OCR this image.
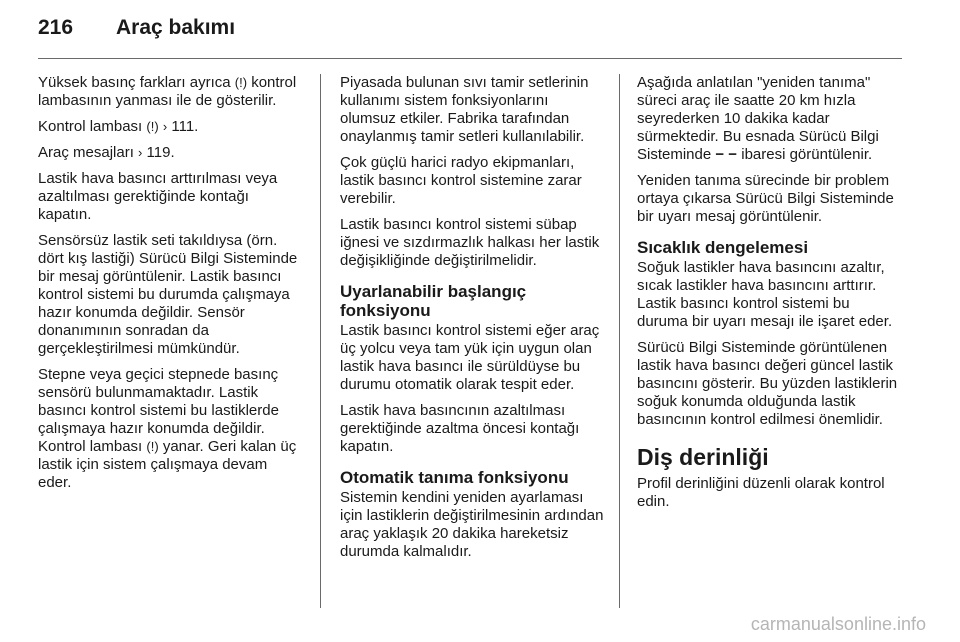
216 Araç bakımı

Yüksek basınç farkları ayrıca (!) kontrol lambasının yanması ile de gösterilir.

Kontrol lambası (!) › 111.

Araç mesajları › 119.

Lastik hava basıncı arttırılması veya azaltılması gerektiğinde kontağı kapatın.

Sensörsüz lastik seti takıldıysa (örn. dört kış lastiği) Sürücü Bilgi Sisteminde bir mesaj görüntülenir. Lastik basıncı kontrol sistemi bu durumda çalışmaya hazır konumda değildir. Sensör donanımının sonradan da gerçekleştirilmesi mümkündür.

Stepne veya geçici stepnede basınç sensörü bulunmamaktadır. Lastik basıncı kontrol sistemi bu lastiklerde çalışmaya hazır konumda değildir. Kontrol lambası (!) yanar. Geri kalan üç lastik için sistem çalışmaya devam eder.

Piyasada bulunan sıvı tamir setlerinin kullanımı sistem fonksiyonlarını olumsuz etkiler. Fabrika tarafından onaylanmış tamir setleri kullanılabilir.

Çok güçlü harici radyo ekipmanları, lastik basıncı kontrol sistemine zarar verebilir.

Lastik basıncı kontrol sistemi sübap iğnesi ve sızdırmazlık halkası her lastik değişikliğinde değiştirilmelidir.

Uyarlanabilir başlangıç fonksiyonu

Lastik basıncı kontrol sistemi eğer araç üç yolcu veya tam yük için uygun olan lastik hava basıncı ile sürüldüyse bu durumu otomatik olarak tespit eder.

Lastik hava basıncının azaltılması gerektiğinde azaltma öncesi kontağı kapatın.

Otomatik tanıma fonksiyonu

Sistemin kendini yeniden ayarlaması için lastiklerin değiştirilmesinin ardından araç yaklaşık 20 dakika hareketsiz durumda kalmalıdır.

Aşağıda anlatılan "yeniden tanıma" süreci araç ile saatte 20 km hızla seyrederken 10 dakika kadar sürmektedir. Bu esnada Sürücü Bilgi Sisteminde − − ibaresi görüntülenir.

Yeniden tanıma sürecinde bir problem ortaya çıkarsa Sürücü Bilgi Sisteminde bir uyarı mesaj görüntülenir.

Sıcaklık dengelemesi

Soğuk lastikler hava basıncını azaltır, sıcak lastikler hava basıncını arttırır. Lastik basıncı kontrol sistemi bu duruma bir uyarı mesajı ile işaret eder.

Sürücü Bilgi Sisteminde görüntülenen lastik hava basıncı değeri güncel lastik basıncını gösterir. Bu yüzden lastiklerin soğuk konumda olduğunda lastik basıncının kontrol edilmesi önemlidir.

Diş derinliği

Profil derinliğini düzenli olarak kontrol edin.

carmanualsonline.info
